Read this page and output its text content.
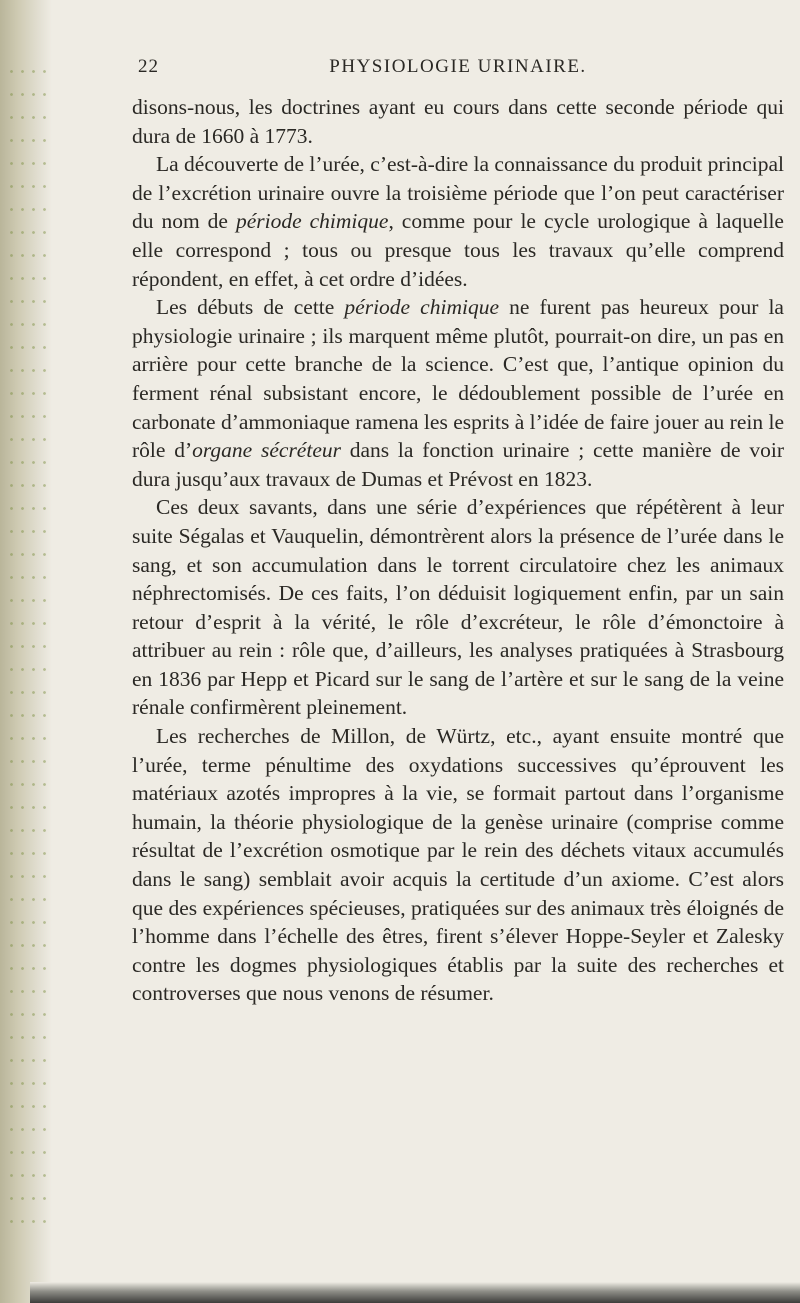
22	PHYSIOLOGIE URINAIRE.

disons-nous, les doctrines ayant eu cours dans cette seconde période qui dura de 1660 à 1773.

La découverte de l’urée, c’est-à-dire la connaissance du produit principal de l’excrétion urinaire ouvre la troisième période que l’on peut caractériser du nom de période chimique, comme pour le cycle urologique à laquelle elle correspond ; tous ou presque tous les travaux qu’elle comprend répondent, en effet, à cet ordre d’idées.

Les débuts de cette période chimique ne furent pas heureux pour la physiologie urinaire ; ils marquent même plutôt, pourrait-on dire, un pas en arrière pour cette branche de la science. C’est que, l’antique opinion du ferment rénal subsistant encore, le dédoublement possible de l’urée en carbonate d’ammoniaque ramena les esprits à l’idée de faire jouer au rein le rôle d’organe sécréteur dans la fonction urinaire ; cette manière de voir dura jusqu’aux travaux de Dumas et Prévost en 1823.

Ces deux savants, dans une série d’expériences que répétèrent à leur suite Ségalas et Vauquelin, démontrèrent alors la présence de l’urée dans le sang, et son accumulation dans le torrent circulatoire chez les animaux néphrectomisés. De ces faits, l’on déduisit logiquement enfin, par un sain retour d’esprit à la vérité, le rôle d’excréteur, le rôle d’émonctoire à attribuer au rein : rôle que, d’ailleurs, les analyses pratiquées à Strasbourg en 1836 par Hepp et Picard sur le sang de l’artère et sur le sang de la veine rénale confirmèrent pleinement.

Les recherches de Millon, de Würtz, etc., ayant ensuite montré que l’urée, terme pénultime des oxydations successives qu’éprouvent les matériaux azotés impropres à la vie, se formait partout dans l’organisme humain, la théorie physiologique de la genèse urinaire (comprise comme résultat de l’excrétion osmotique par le rein des déchets vitaux accumulés dans le sang) semblait avoir acquis la certitude d’un axiome. C’est alors que des expériences spécieuses, pratiquées sur des animaux très éloignés de l’homme dans l’échelle des êtres, firent s’élever Hoppe-Seyler et Zalesky contre les dogmes physiologiques établis par la suite des recherches et controverses que nous venons de résumer.
